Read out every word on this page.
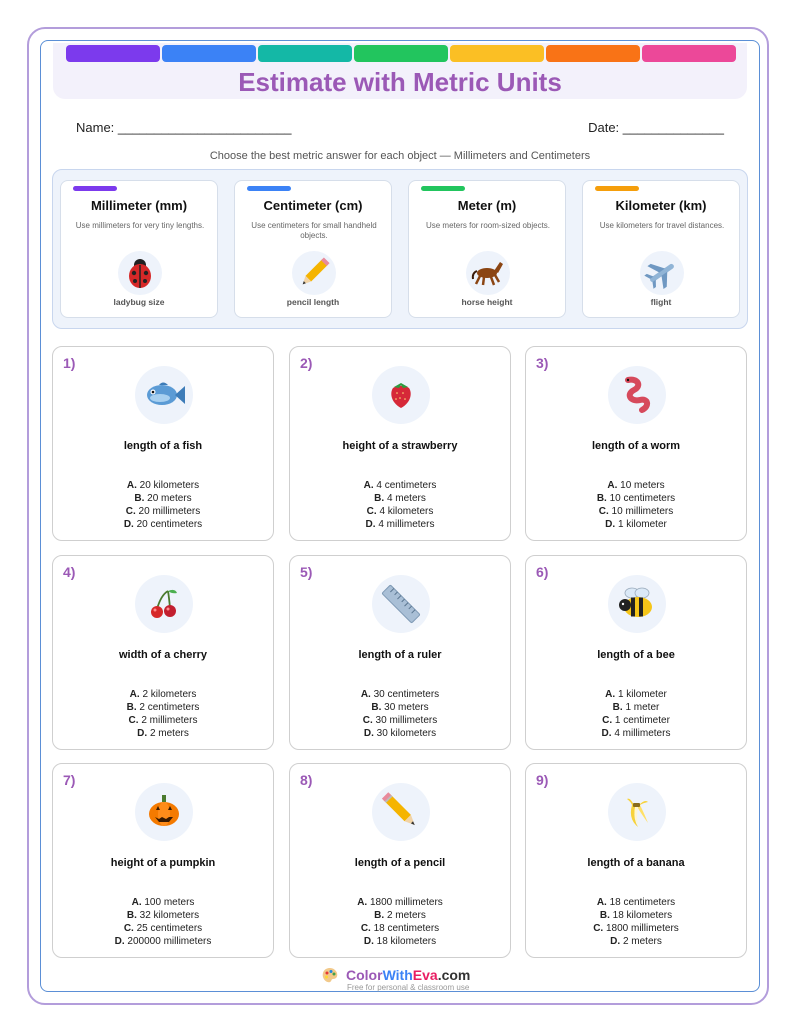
Estimate with Metric Units
Name: ________________________	Date: ______________
Choose the best metric answer for each object — Millimeters and Centimeters
Millimeter (mm)
Use millimeters for very tiny lengths.
ladybug size
Centimeter (cm)
Use centimeters for small handheld objects.
pencil length
Meter (m)
Use meters for room-sized objects.
horse height
Kilometer (km)
Use kilometers for travel distances.
flight
1)
length of a fish
A. 20 kilometers
B. 20 meters
C. 20 millimeters
D. 20 centimeters
2)
height of a strawberry
A. 4 centimeters
B. 4 meters
C. 4 kilometers
D. 4 millimeters
3)
length of a worm
A. 10 meters
B. 10 centimeters
C. 10 millimeters
D. 1 kilometer
4)
width of a cherry
A. 2 kilometers
B. 2 centimeters
C. 2 millimeters
D. 2 meters
5)
length of a ruler
A. 30 centimeters
B. 30 meters
C. 30 millimeters
D. 30 kilometers
6)
length of a bee
A. 1 kilometer
B. 1 meter
C. 1 centimeter
D. 4 millimeters
7)
height of a pumpkin
A. 100 meters
B. 32 kilometers
C. 25 centimeters
D. 200000 millimeters
8)
length of a pencil
A. 1800 millimeters
B. 2 meters
C. 18 centimeters
D. 18 kilometers
9)
length of a banana
A. 18 centimeters
B. 18 kilometers
C. 1800 millimeters
D. 2 meters
ColorWithEva.com
Free for personal & classroom use
